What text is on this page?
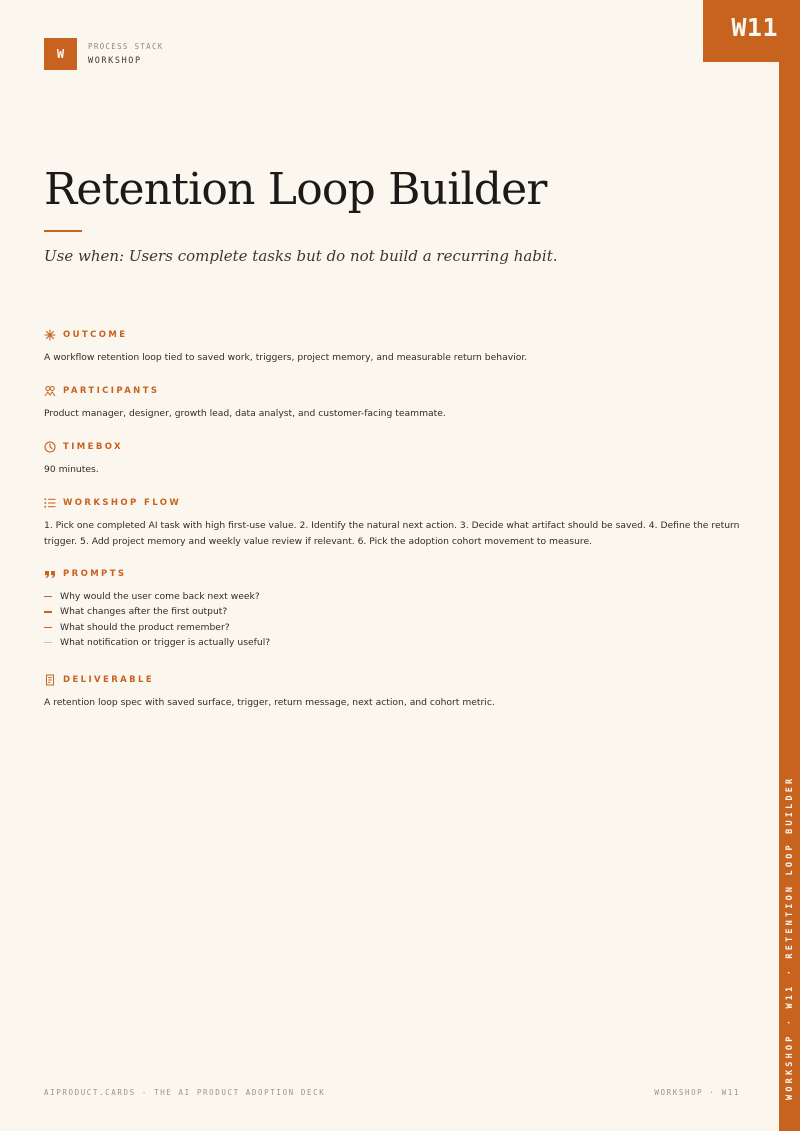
W11
WORKSHOP · W11 · RETENTION LOOP BUILDER
W
PROCESS STACK
WORKSHOP
Retention Loop Builder

Use when: Users complete tasks but do not build a recurring habit.

OUTCOME

A workflow retention loop tied to saved work, triggers, project memory, and measurable return behavior.

PARTICIPANTS

Product manager, designer, growth lead, data analyst, and customer-facing teammate.

TIMEBOX

90 minutes.

WORKSHOP FLOW

1. Pick one completed AI task with high first-use value. 2. Identify the natural next action. 3. Decide what artifact should be saved. 4. Define the return trigger. 5. Add project memory and weekly value review if relevant. 6. Pick the adoption cohort movement to measure.

PROMPTS
Why would the user come back next week?
What changes after the first output?
What should the product remember?
What notification or trigger is actually useful?
DELIVERABLE

A retention loop spec with saved surface, trigger, return message, next action, and cohort metric.

AIPRODUCT.CARDS - THE AI PRODUCT ADOPTION DECK	WORKSHOP · W11
